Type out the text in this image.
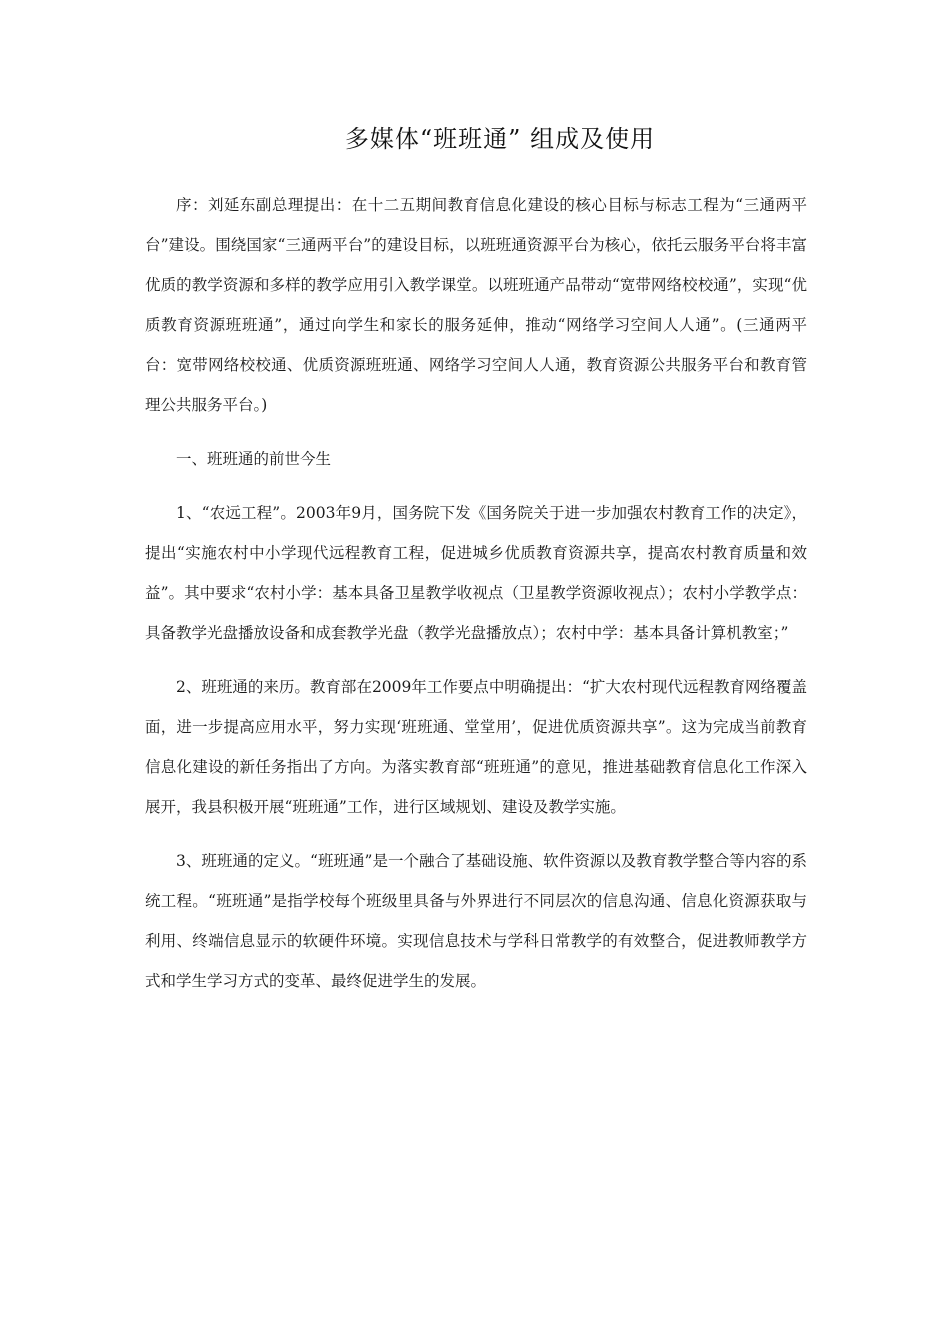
多媒体“班班通” 组成及使用

序：刘延东副总理提出：在十二五期间教育信息化建设的核心目标与标志工程为“三通两平台”建设。围绕国家“三通两平台”的建设目标，以班班通资源平台为核心，依托云服务平台将丰富优质的教学资源和多样的教学应用引入教学课堂。以班班通产品带动“宽带网络校校通”，实现“优质教育资源班班通”，通过向学生和家长的服务延伸，推动“网络学习空间人人通”。(三通两平台：宽带网络校校通、优质资源班班通、网络学习空间人人通，教育资源公共服务平台和教育管理公共服务平台。)

一、班班通的前世今生

1、“农远工程”。2003年9月，国务院下发《国务院关于进一步加强农村教育工作的决定》，提出“实施农村中小学现代远程教育工程，促进城乡优质教育资源共享，提高农村教育质量和效益”。其中要求“农村小学：基本具备卫星教学收视点（卫星教学资源收视点）；农村小学教学点：具备教学光盘播放设备和成套教学光盘（教学光盘播放点）；农村中学：基本具备计算机教室；”

2、班班通的来历。教育部在2009年工作要点中明确提出：“扩大农村现代远程教育网络覆盖面，进一步提高应用水平，努力实现‘班班通、堂堂用’，促进优质资源共享”。这为完成当前教育信息化建设的新任务指出了方向。为落实教育部“班班通”的意见，推进基础教育信息化工作深入展开，我县积极开展“班班通”工作，进行区域规划、建设及教学实施。

3、班班通的定义。“班班通”是一个融合了基础设施、软件资源以及教育教学整合等内容的系统工程。“班班通”是指学校每个班级里具备与外界进行不同层次的信息沟通、信息化资源获取与利用、终端信息显示的软硬件环境。实现信息技术与学科日常教学的有效整合，促进教师教学方式和学生学习方式的变革、最终促进学生的发展。
